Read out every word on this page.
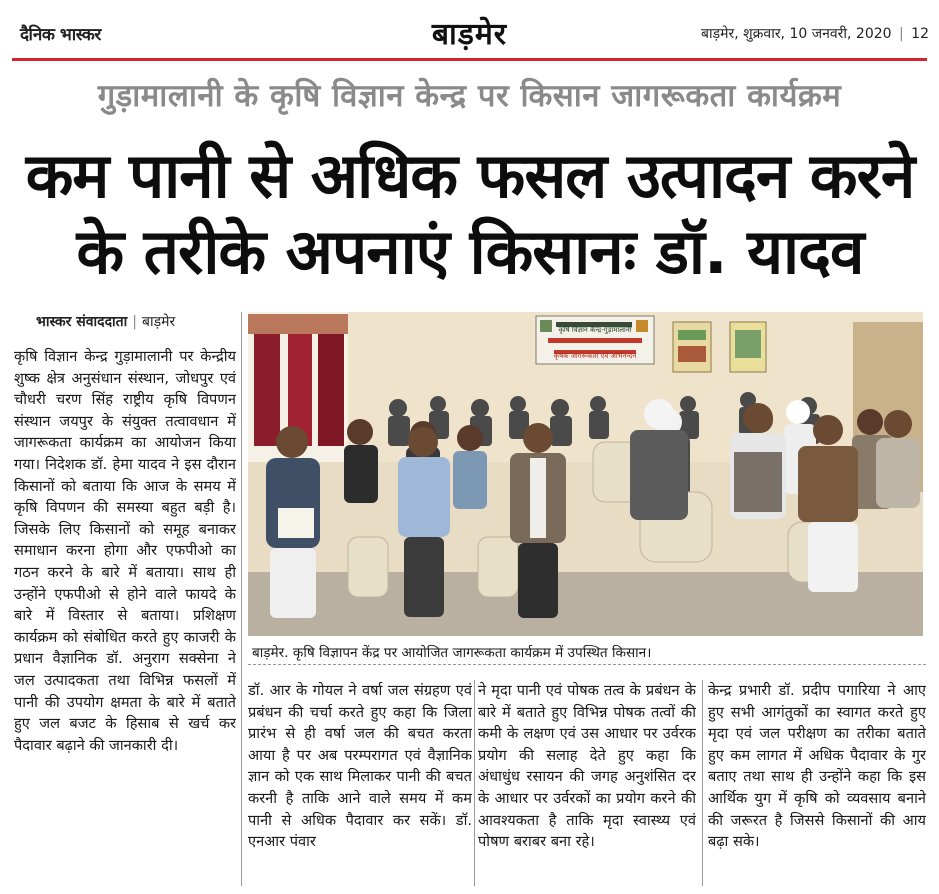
दैनिक भास्कर	बाड़मेर	बाड़मेर, शुक्रवार, 10 जनवरी, 2020 | 12
गुड़ामालानी के कृषि विज्ञान केन्द्र पर किसान जागरूकता कार्यक्रम
कम पानी से अधिक फसल उत्पादन करने
के तरीके अपनाएं किसानः डॉ. यादव
भास्कर संवाददाता | बाड़मेर
कृषि विज्ञान केन्द्र गुड़ामालानी पर केन्द्रीय शुष्क क्षेत्र अनुसंधान संस्थान, जोधपुर एवं चौधरी चरण सिंह राष्ट्रीय कृषि विपणन संस्थान जयपुर के संयुक्त तत्वावधान में जागरूकता कार्यक्रम का आयोजन किया गया। निदेशक डॉ. हेमा यादव ने इस दौरान किसानों को बताया कि आज के समय में कृषि विपणन की समस्या बहुत बड़ी है। जिसके लिए किसानों को समूह बनाकर समाधान करना होगा और एफपीओ का गठन करने के बारे में बताया। साथ ही उन्होंने एफपीओ से होने वाले फायदे के बारे में विस्तार से बताया। प्रशिक्षण कार्यक्रम को संबोधित करते हुए काजरी के प्रधान वैज्ञानिक डॉ. अनुराग सक्सेना ने जल उत्पादकता तथा विभिन्न फसलों में पानी की उपयोग क्षमता के बारे में बताते हुए जल बजट के हिसाब से खर्च कर पैदावार बढ़ाने की जानकारी दी।
डॉ. आर के गोयल ने वर्षा जल संग्रहण एवं प्रबंधन की चर्चा करते हुए कहा कि जिला प्रारंभ से ही वर्षा जल की बचत करता आया है पर अब परम्परागत एवं वैज्ञानिक ज्ञान को एक साथ मिलाकर पानी की बचत करनी है ताकि आने वाले समय में कम पानी से अधिक पैदावार कर सकें। डॉ. एनआर पंवार
ने मृदा पानी एवं पोषक तत्व के प्रबंधन के बारे में बताते हुए विभिन्न पोषक तत्वों की कमी के लक्षण एवं उस आधार पर उर्वरक प्रयोग की सलाह देते हुए कहा कि अंधाधुंध रसायन की जगह अनुशंसित दर के आधार पर उर्वरकों का प्रयोग करने की आवश्यकता है ताकि मृदा स्वास्थ्य एवं पोषण बराबर बना रहे।
केन्द्र प्रभारी डॉ. प्रदीप पगारिया ने आए हुए सभी आगंतुकों का स्वागत करते हुए मृदा एवं जल परीक्षण का तरीका बताते हुए कम लागत में अधिक पैदावार के गुर बताए तथा साथ ही उन्होंने कहा कि इस आर्थिक युग में कृषि को व्यवसाय बनाने की जरूरत है जिससे किसानों की आय बढ़ा सके।
कृषि विज्ञान केन्द्र-गुड़ामालानी
कृषक जागरूकता एवं अभिनन्दन
बाड़मेर. कृषि विज्ञापन केंद्र पर आयोजित जागरूकता कार्यक्रम में उपस्थित किसान।
